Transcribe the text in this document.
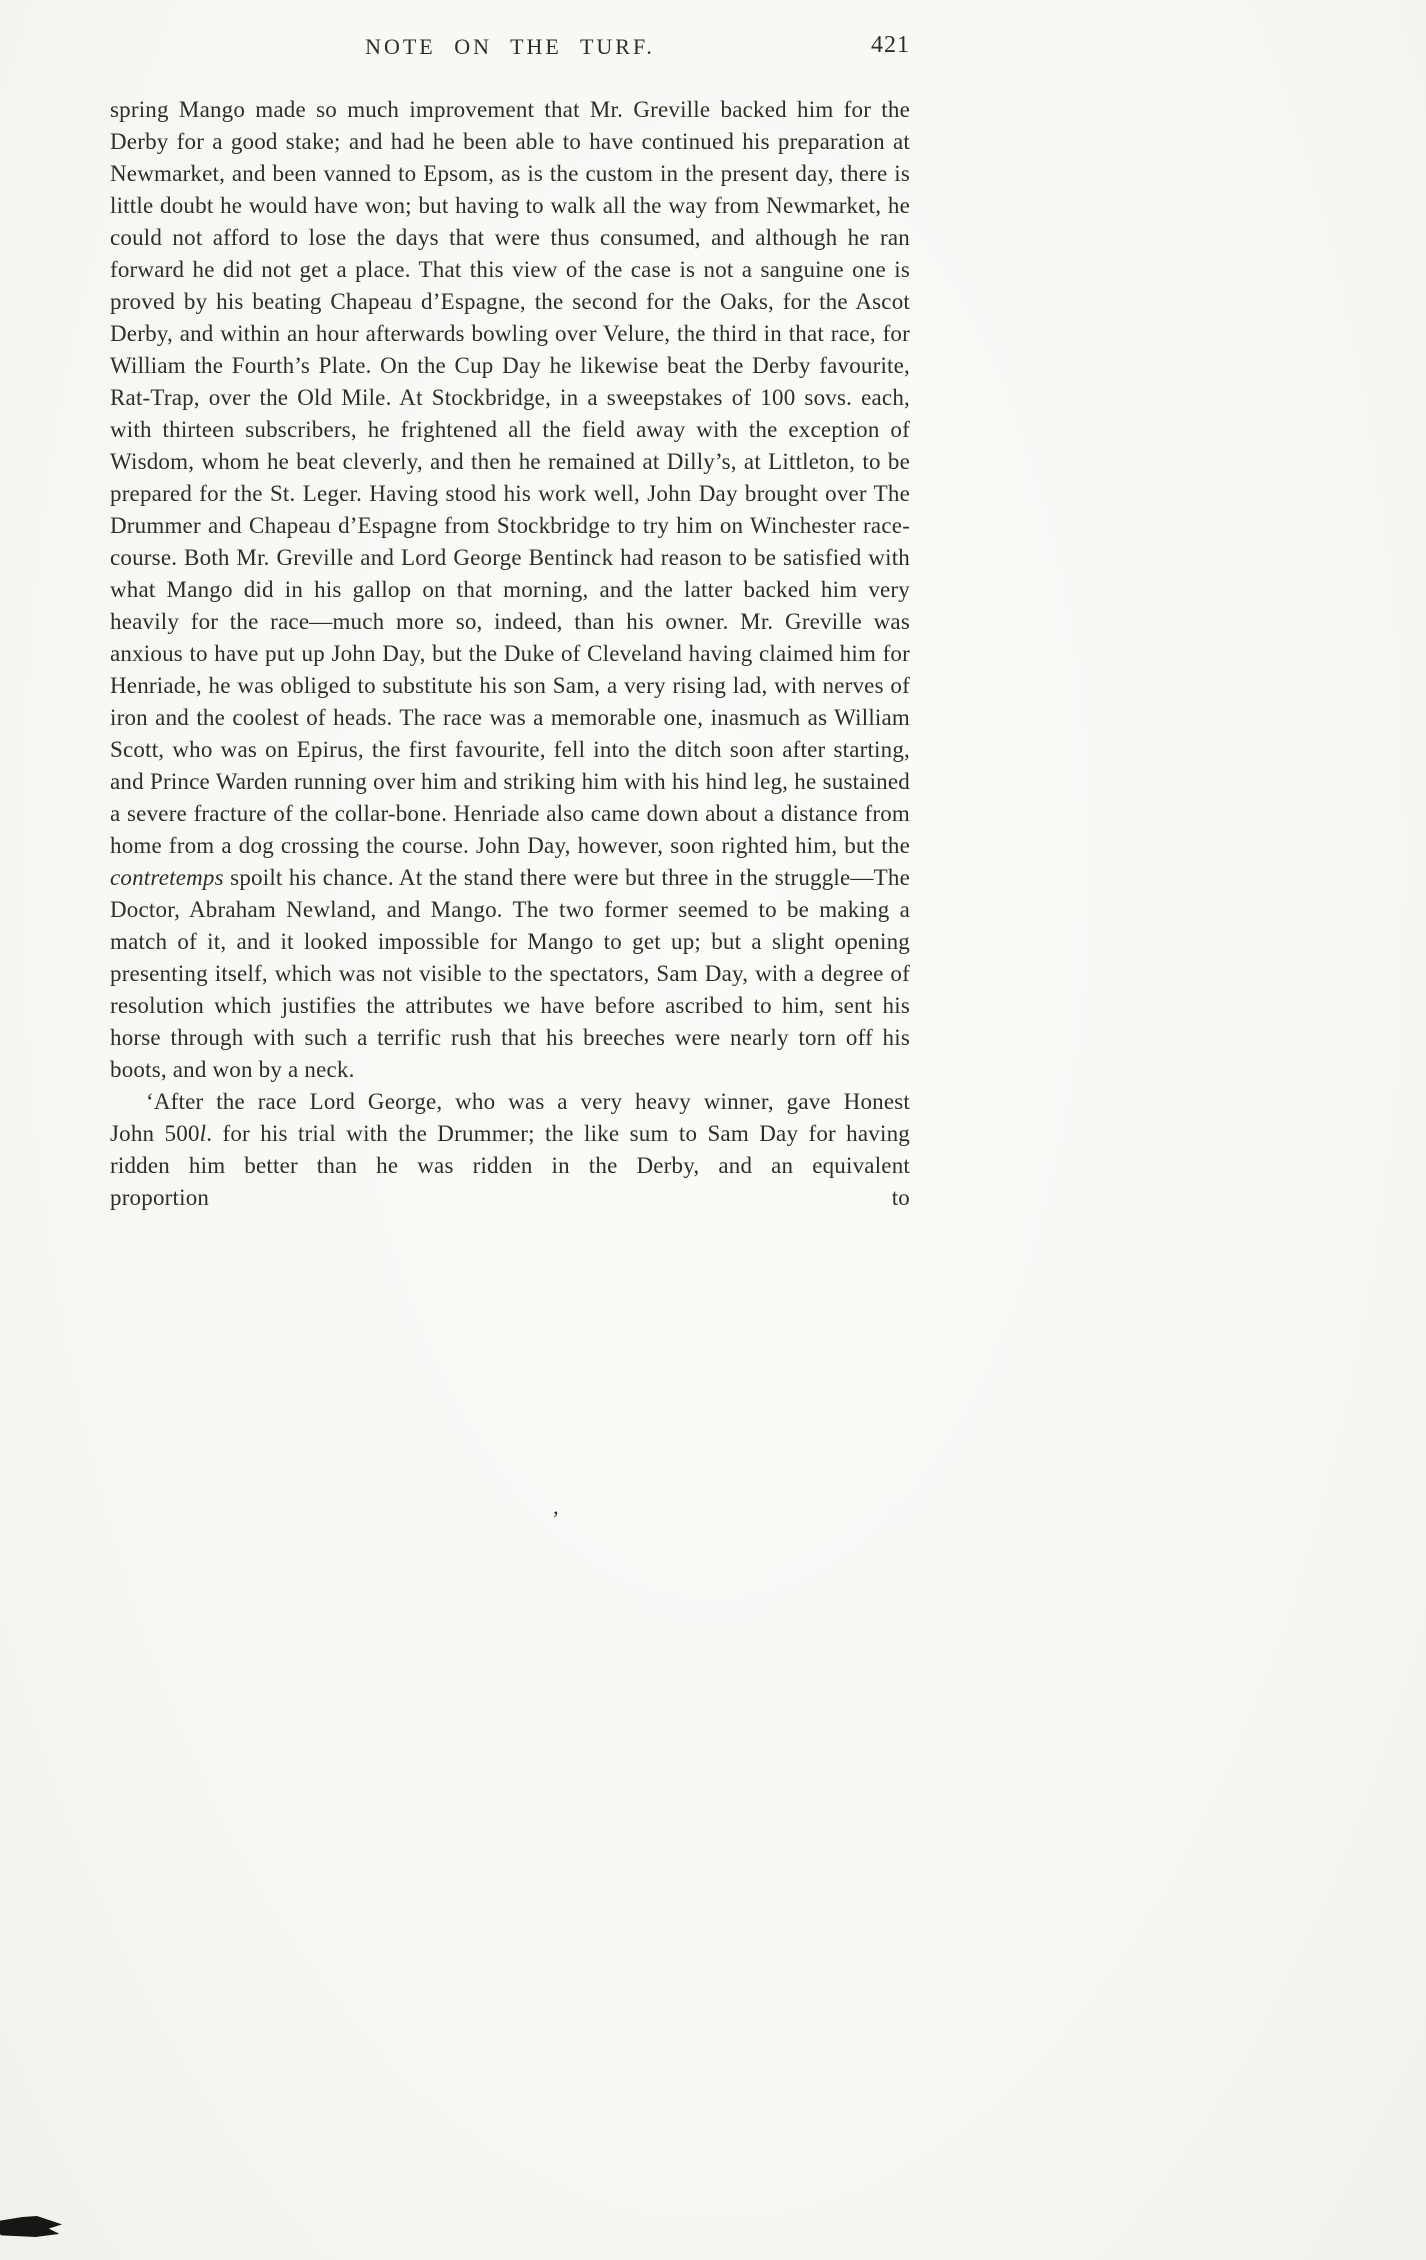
NOTE ON THE TURF.	421

spring Mango made so much improvement that Mr. Greville backed him for the Derby for a good stake; and had he been able to have continued his preparation at Newmarket, and been vanned to Epsom, as is the custom in the present day, there is little doubt he would have won; but having to walk all the way from Newmarket, he could not afford to lose the days that were thus consumed, and although he ran forward he did not get a place. That this view of the case is not a sanguine one is proved by his beating Chapeau d’Espagne, the second for the Oaks, for the Ascot Derby, and within an hour afterwards bowling over Velure, the third in that race, for William the Fourth’s Plate. On the Cup Day he likewise beat the Derby favourite, Rat-Trap, over the Old Mile. At Stockbridge, in a sweepstakes of 100 sovs. each, with thirteen subscribers, he frightened all the field away with the exception of Wisdom, whom he beat cleverly, and then he remained at Dilly’s, at Littleton, to be prepared for the St. Leger. Having stood his work well, John Day brought over The Drummer and Chapeau d’Espagne from Stockbridge to try him on Winchester race-course. Both Mr. Greville and Lord George Bentinck had reason to be satisfied with what Mango did in his gallop on that morning, and the latter backed him very heavily for the race—much more so, indeed, than his owner. Mr. Greville was anxious to have put up John Day, but the Duke of Cleveland having claimed him for Henriade, he was obliged to substitute his son Sam, a very rising lad, with nerves of iron and the coolest of heads. The race was a memorable one, inasmuch as William Scott, who was on Epirus, the first favourite, fell into the ditch soon after starting, and Prince Warden running over him and striking him with his hind leg, he sustained a severe fracture of the collar-bone. Henriade also came down about a distance from home from a dog crossing the course. John Day, however, soon righted him, but the contretemps spoilt his chance. At the stand there were but three in the struggle—The Doctor, Abraham Newland, and Mango. The two former seemed to be making a match of it, and it looked impossible for Mango to get up; but a slight opening presenting itself, which was not visible to the spectators, Sam Day, with a degree of resolution which justifies the attributes we have before ascribed to him, sent his horse through with such a terrific rush that his breeches were nearly torn off his boots, and won by a neck.

‘After the race Lord George, who was a very heavy winner, gave Honest John 500l. for his trial with the Drummer; the like sum to Sam Day for having ridden him better than he was ridden in the Derby, and an equivalent proportion to

’
